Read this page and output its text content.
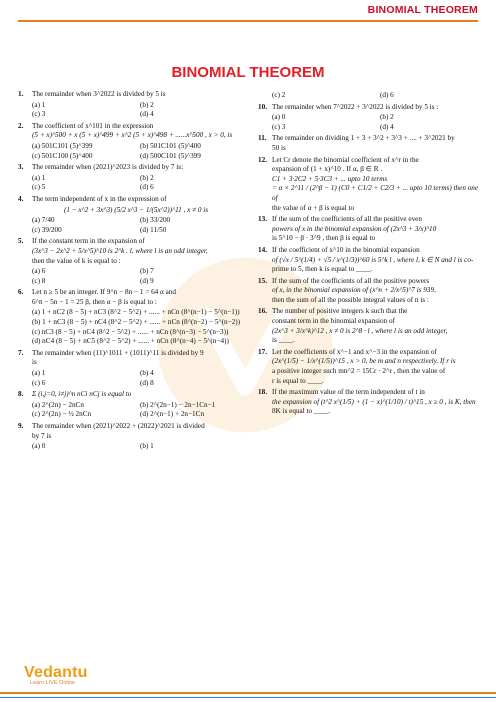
BINOMIAL THEOREM
BINOMIAL THEOREM
1. The remainder when 3^2022 is divided by 5 is
(a) 1	(b) 2
(c) 3	(d) 4
2. The coefficient of x^101 in the expression
(5 + x)^500 + x (5 + x)^499 + x^2 (5 + x)^498 + ......x^500 , x > 0, is
(a) 501C101 (5)^399	(b) 501C101 (5)^400
(c) 501C100 (5)^400	(d) 500C101 (5)^399
3. The remainder when (2021)^2023 is divided by 7 is:
(a) 1	(b) 2
(c) 5	(d) 6
4. The term independent of x in the expression of
(1 − x^2 + 3x^3) (5/2 x^3 − 1/(5x^2))^11 , x ≠ 0 is
(a) 7/40	(b) 33/200
(c) 39/200	(d) 11/50
5. If the constant term in the expansion of
(3x^3 − 2x^2 + 5/x^5)^10 is 2^k . l, where l is an odd integer,
then the value of k is equal to :
(a) 6	(b) 7
(c) 8	(d) 9
6. Let n ≥ 5 be an integer. If 9^n − 8n − 1 = 64 α and
6^n − 5n − 1 = 25 β, then α − β is equal to :
(a) 1 + nC2 (8 − 5) + nC3 (8^2 − 5^2) + ...... + nCn (8^(n−1) − 5^(n−1))
(b) 1 + nC3 (8 − 5) + nC4 (8^2 − 5^2) + ...... + nCn (8^(n−2) − 5^(n−2))
(c) nC3 (8 − 5) + nC4 (8^2 − 5^2) + ...... + nCn (8^(n−3) − 5^(n−3))
(d) nC4 (8 − 5) + nC5 (8^2 − 5^2) + ...... + nCn (8^(n−4) − 5^(n−4))
7. The remainder when (11)^1011 + (1011)^11 is divided by 9
is
(a) 1	(b) 4
(c) 6	(d) 8
8. Σ (i,j=0, i≠j)^n nCi nCj is equal to
(a) 2^(2n) − 2nCn	(b) 2^(2n−1) − 2n−1Cn−1
(c) 2^(2n) − ½ 2nCn	(d) 2^(n−1) + 2n−1Cn
9. The remainder when (2021)^2022 + (2022)^2021 is divided
by 7 is
(a) 0	(b) 1
(c) 2	(d) 6
10. The remainder when 7^2022 + 3^2022 is divided by 5 is :
(a) 0	(b) 2
(c) 3	(d) 4
11. The remainder on dividing 1 + 3 + 3^2 + 3^3 + .... + 3^2021 by
50 is
12. Let Cr denote the binomial coefficient of x^r in the
expansion of (1 + x)^10 . If α, β ∈ R .
C1 + 3·2C2 + 5·3C3 + ... upto 10 terms
= α × 2^11 / (2^β − 1) (C0 + C1/2 + C2/3 + ... upto 10 terms) then one of
the value of α + β is equal to
13. If the sum of the coefficients of all the positive even
powers of x in the binomial expansion of (2x^3 + 3/x)^10
is 5^10 − β · 3^9 , then β is equal to
14. If the coefficient of x^10 in the binomial expansion
of (√x / 5^(1/4) + √5 / x^(1/3))^60 is 5^k l , where l, k ∈ N and l is co-
prime to 5, then k is equal to ____.
15. If the sum of the coefficients of all the positive powers
of x, in the binomial expansion of (x^n + 2/x^5)^7 is 939,
then the sum of all the possible integral values of n is :
16. The number of positive integers k such that the
constant term in the binomial expansion of
(2x^3 + 3/x^k)^12 , x ≠ 0 is 2^8 · l , where l is an odd integer,
is ____.
17. Let the coefficients of x^−1 and x^−3 in the expansion of
(2x^(1/5) − 1/x^(1/5))^15 , x > 0, be m and n respectively. If r is
a positive integer such mn^2 = 15Cr · 2^r , then the value of
r is equal to ____.
18. If the maximum value of the term independent of t in
the expansion of (t^2 x^(1/5) + (1 − x)^(1/10) / t)^15 , x ≥ 0 , is K, then
8K is equal to ____.
Vedantu
Learn LIVE Online
